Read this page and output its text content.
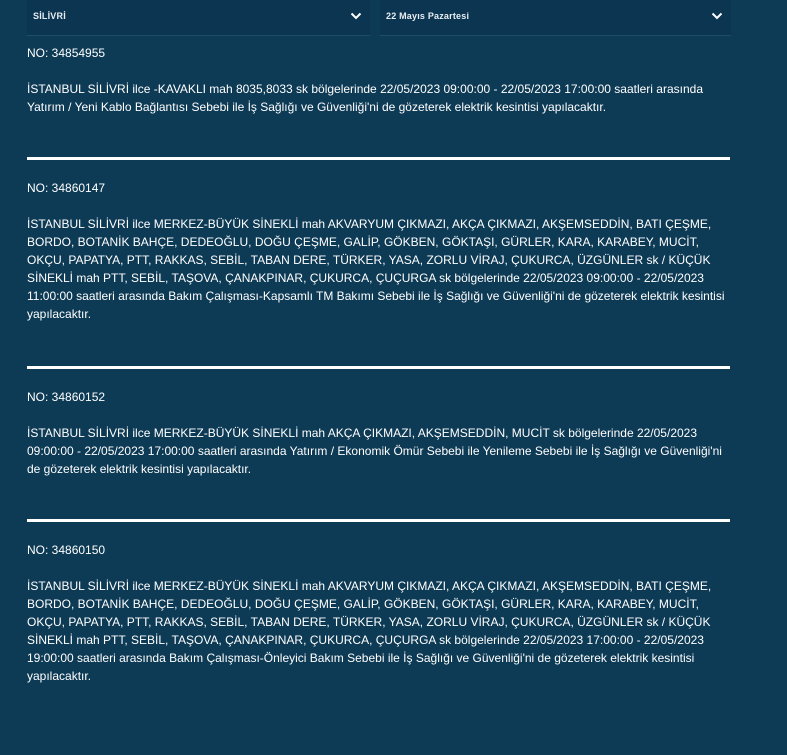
SİLİVRİ	22 Mayıs Pazartesi

NO: 34854955

İSTANBUL SİLİVRİ ilce -KAVAKLI mah 8035,8033 sk bölgelerinde 22/05/2023 09:00:00 - 22/05/2023 17:00:00 saatleri arasında Yatırım / Yeni Kablo Bağlantısı Sebebi ile İş Sağlığı ve Güvenliği'ni de gözeterek elektrik kesintisi yapılacaktır.

NO: 34860147

İSTANBUL SİLİVRİ ilce MERKEZ-BÜYÜK SİNEKLİ mah AKVARYUM ÇIKMAZI, AKÇA ÇIKMAZI, AKŞEMSEDDİN, BATI ÇEŞME, BORDO, BOTANİK BAHÇE, DEDEOĞLU, DOĞU ÇEŞME, GALİP, GÖKBEN, GÖKTAŞI, GÜRLER, KARA, KARABEY, MUCİT, OKÇU, PAPATYA, PTT, RAKKAS, SEBİL, TABAN DERE, TÜRKER, YASA, ZORLU VİRAJ, ÇUKURCA, ÜZGÜNLER sk / KÜÇÜK SİNEKLİ mah PTT, SEBİL, TAŞOVA, ÇANAKPINAR, ÇUKURCA, ÇUÇURGA sk bölgelerinde 22/05/2023 09:00:00 - 22/05/2023 11:00:00 saatleri arasında Bakım Çalışması-Kapsamlı TM Bakımı Sebebi ile İş Sağlığı ve Güvenliği'ni de gözeterek elektrik kesintisi yapılacaktır.

NO: 34860152

İSTANBUL SİLİVRİ ilce MERKEZ-BÜYÜK SİNEKLİ mah AKÇA ÇIKMAZI, AKŞEMSEDDİN, MUCİT sk bölgelerinde 22/05/2023 09:00:00 - 22/05/2023 17:00:00 saatleri arasında Yatırım / Ekonomik Ömür Sebebi ile Yenileme Sebebi ile İş Sağlığı ve Güvenliği'ni de gözeterek elektrik kesintisi yapılacaktır.

NO: 34860150

İSTANBUL SİLİVRİ ilce MERKEZ-BÜYÜK SİNEKLİ mah AKVARYUM ÇIKMAZI, AKÇA ÇIKMAZI, AKŞEMSEDDİN, BATI ÇEŞME, BORDO, BOTANİK BAHÇE, DEDEOĞLU, DOĞU ÇEŞME, GALİP, GÖKBEN, GÖKTAŞI, GÜRLER, KARA, KARABEY, MUCİT, OKÇU, PAPATYA, PTT, RAKKAS, SEBİL, TABAN DERE, TÜRKER, YASA, ZORLU VİRAJ, ÇUKURCA, ÜZGÜNLER sk / KÜÇÜK SİNEKLİ mah PTT, SEBİL, TAŞOVA, ÇANAKPINAR, ÇUKURCA, ÇUÇURGA sk bölgelerinde 22/05/2023 17:00:00 - 22/05/2023 19:00:00 saatleri arasında Bakım Çalışması-Önleyici Bakım Sebebi ile İş Sağlığı ve Güvenliği'ni de gözeterek elektrik kesintisi yapılacaktır.
